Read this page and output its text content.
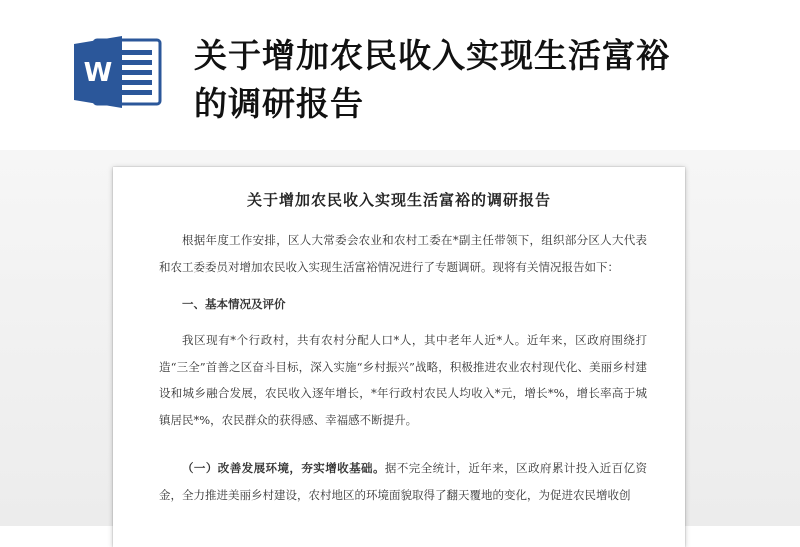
W 关于增加农民收入实现生活富裕
的调研报告
关于增加农民收入实现生活富裕的调研报告

根据年度工作安排，区人大常委会农业和农村工委在*副主任带领下，组织部分区人大代表和农工委委员对增加农民收入实现生活富裕情况进行了专题调研。现将有关情况报告如下：

一、基本情况及评价

我区现有*个行政村，共有农村分配人口*人，其中老年人近*人。近年来，区政府围绕打造“三全”首善之区奋斗目标，深入实施“乡村振兴”战略，积极推进农业农村现代化、美丽乡村建设和城乡融合发展，农民收入逐年增长，*年行政村农民人均收入*元，增长*%，增长率高于城镇居民*%，农民群众的获得感、幸福感不断提升。

（一）改善发展环境，夯实增收基础。据不完全统计，近年来，区政府累计投入近百亿资金，全力推进美丽乡村建设，农村地区的环境面貌取得了翻天覆地的变化，为促进农民增收创
